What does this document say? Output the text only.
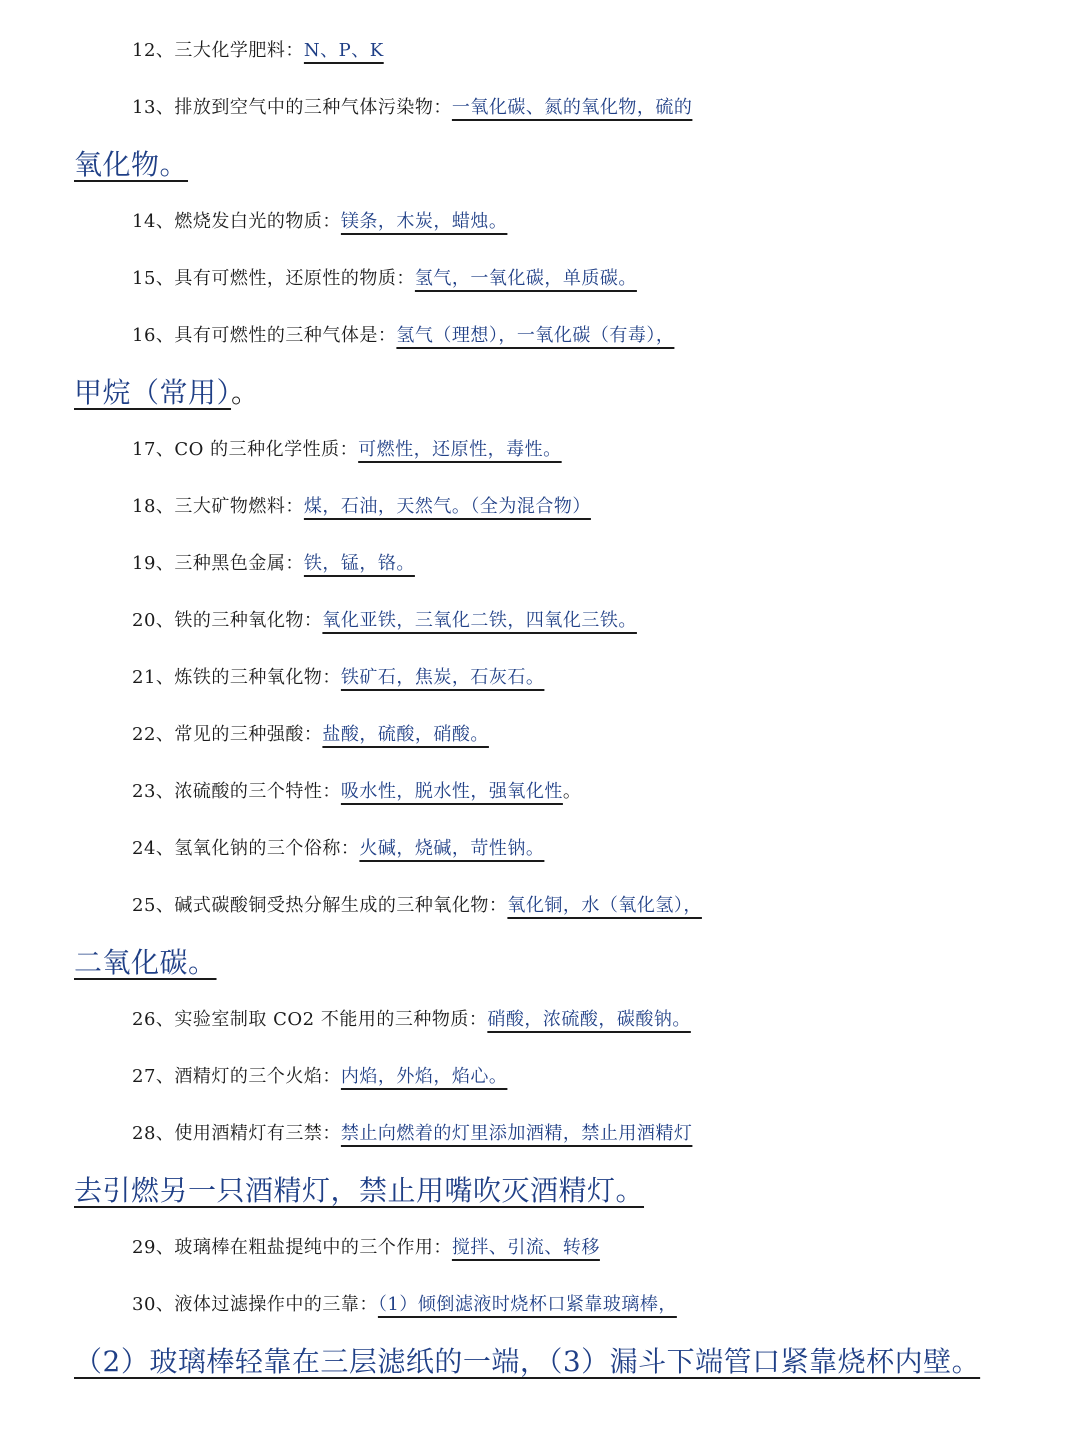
12、三大化学肥料：N、P、K
13、排放到空气中的三种气体污染物：一氧化碳、氮的氧化物，硫的
氧化物。
14、燃烧发白光的物质：镁条，木炭，蜡烛。
15、具有可燃性，还原性的物质：氢气，一氧化碳，单质碳。
16、具有可燃性的三种气体是：氢气（理想），一氧化碳（有毒），
甲烷（常用）。
17、CO 的三种化学性质：可燃性，还原性，毒性。
18、三大矿物燃料：煤，石油，天然气。（全为混合物）
19、三种黑色金属：铁，锰，铬。
20、铁的三种氧化物：氧化亚铁，三氧化二铁，四氧化三铁。
21、炼铁的三种氧化物：铁矿石，焦炭，石灰石。
22、常见的三种强酸：盐酸，硫酸，硝酸。
23、浓硫酸的三个特性：吸水性，脱水性，强氧化性。
24、氢氧化钠的三个俗称：火碱，烧碱，苛性钠。
25、碱式碳酸铜受热分解生成的三种氧化物：氧化铜，水（氧化氢），
二氧化碳。
26、实验室制取 CO2 不能用的三种物质：硝酸，浓硫酸，碳酸钠。
27、酒精灯的三个火焰：内焰，外焰，焰心。
28、使用酒精灯有三禁：禁止向燃着的灯里添加酒精，禁止用酒精灯
去引燃另一只酒精灯，禁止用嘴吹灭酒精灯。
29、玻璃棒在粗盐提纯中的三个作用：搅拌、引流、转移
30、液体过滤操作中的三靠：（1）倾倒滤液时烧杯口紧靠玻璃棒，
（2）玻璃棒轻靠在三层滤纸的一端，（3）漏斗下端管口紧靠烧杯内壁。
